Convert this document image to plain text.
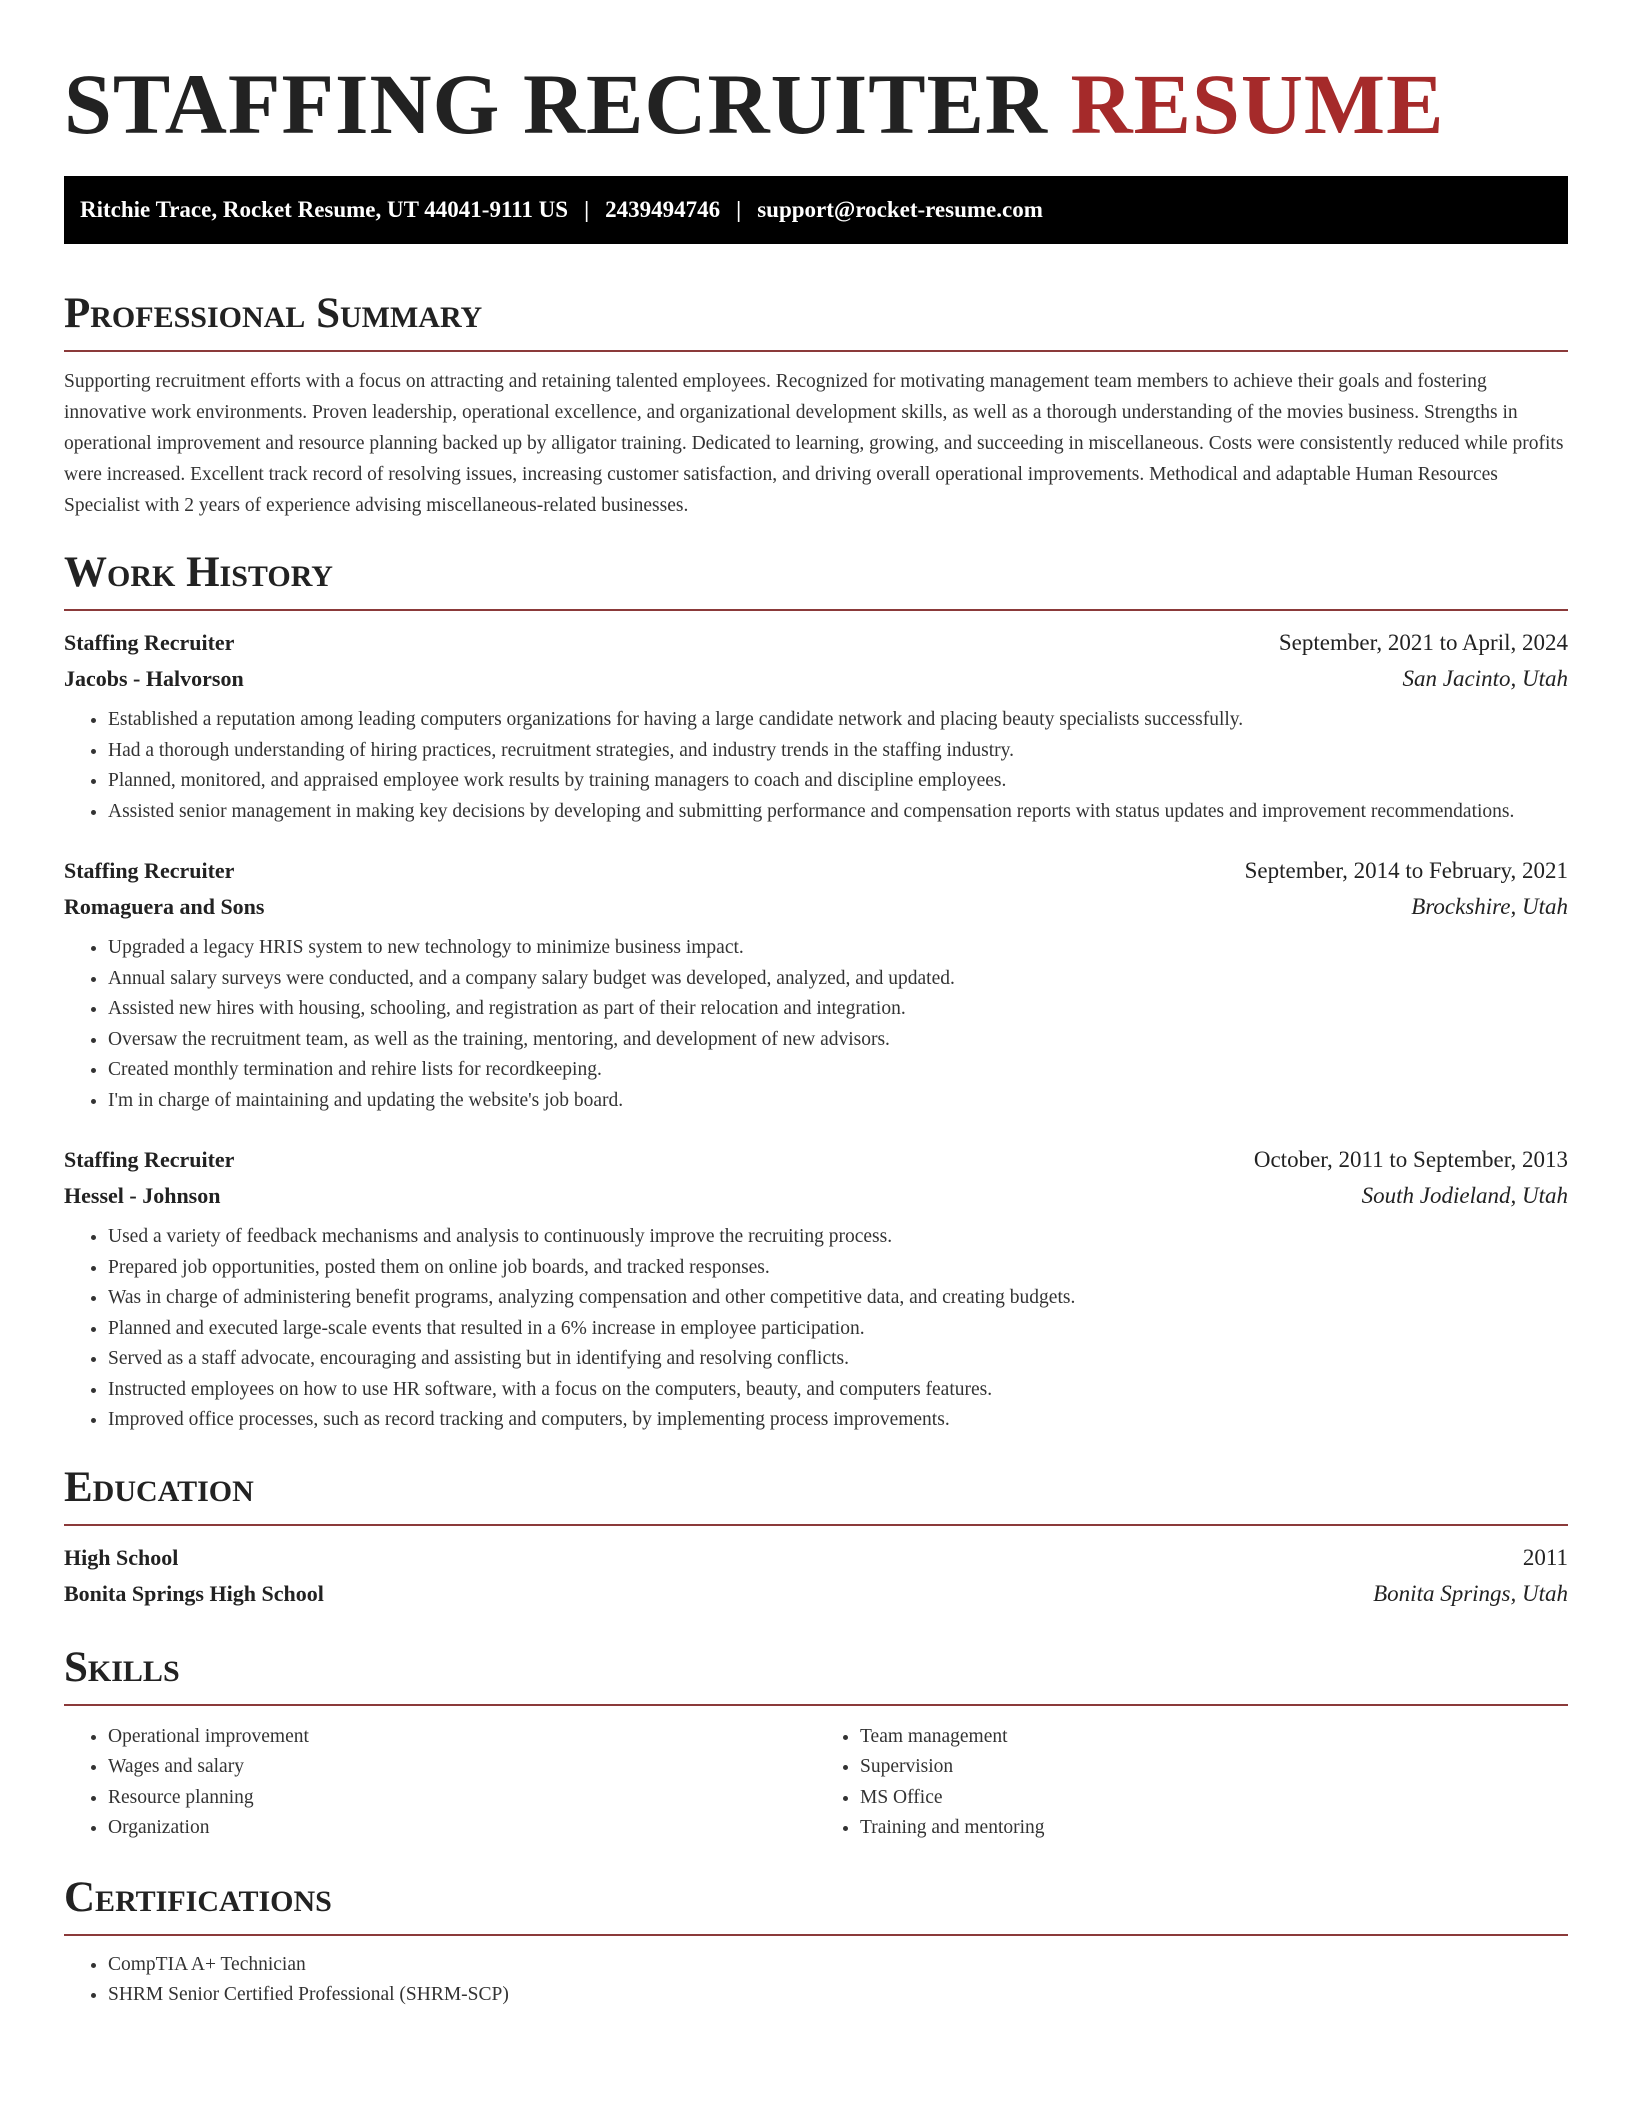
STAFFING RECRUITER RESUME
Ritchie Trace, Rocket Resume, UT 44041-9111 US | 2439494746 | support@rocket-resume.com
Professional Summary

Supporting recruitment efforts with a focus on attracting and retaining talented employees. Recognized for motivating management team members to achieve their goals and fostering innovative work environments. Proven leadership, operational excellence, and organizational development skills, as well as a thorough understanding of the movies business. Strengths in operational improvement and resource planning backed up by alligator training. Dedicated to learning, growing, and succeeding in miscellaneous. Costs were consistently reduced while profits were increased. Excellent track record of resolving issues, increasing customer satisfaction, and driving overall operational improvements. Methodical and adaptable Human Resources Specialist with 2 years of experience advising miscellaneous-related businesses.

Work History
Staffing Recruiter	September, 2021 to April, 2024
Jacobs - Halvorson	San Jacinto, Utah
• Established a reputation among leading computers organizations for having a large candidate network and placing beauty specialists successfully.
• Had a thorough understanding of hiring practices, recruitment strategies, and industry trends in the staffing industry.
• Planned, monitored, and appraised employee work results by training managers to coach and discipline employees.
• Assisted senior management in making key decisions by developing and submitting performance and compensation reports with status updates and improvement recommendations.
Staffing Recruiter	September, 2014 to February, 2021
Romaguera and Sons	Brockshire, Utah
• Upgraded a legacy HRIS system to new technology to minimize business impact.
• Annual salary surveys were conducted, and a company salary budget was developed, analyzed, and updated.
• Assisted new hires with housing, schooling, and registration as part of their relocation and integration.
• Oversaw the recruitment team, as well as the training, mentoring, and development of new advisors.
• Created monthly termination and rehire lists for recordkeeping.
• I'm in charge of maintaining and updating the website's job board.
Staffing Recruiter	October, 2011 to September, 2013
Hessel - Johnson	South Jodieland, Utah
• Used a variety of feedback mechanisms and analysis to continuously improve the recruiting process.
• Prepared job opportunities, posted them on online job boards, and tracked responses.
• Was in charge of administering benefit programs, analyzing compensation and other competitive data, and creating budgets.
• Planned and executed large-scale events that resulted in a 6% increase in employee participation.
• Served as a staff advocate, encouraging and assisting but in identifying and resolving conflicts.
• Instructed employees on how to use HR software, with a focus on the computers, beauty, and computers features.
• Improved office processes, such as record tracking and computers, by implementing process improvements.
Education
High School	2011
Bonita Springs High School	Bonita Springs, Utah
Skills
• Operational improvement
• Wages and salary
• Resource planning
• Organization
• Team management
• Supervision
• MS Office
• Training and mentoring
Certifications
• CompTIA A+ Technician
• SHRM Senior Certified Professional (SHRM-SCP)
